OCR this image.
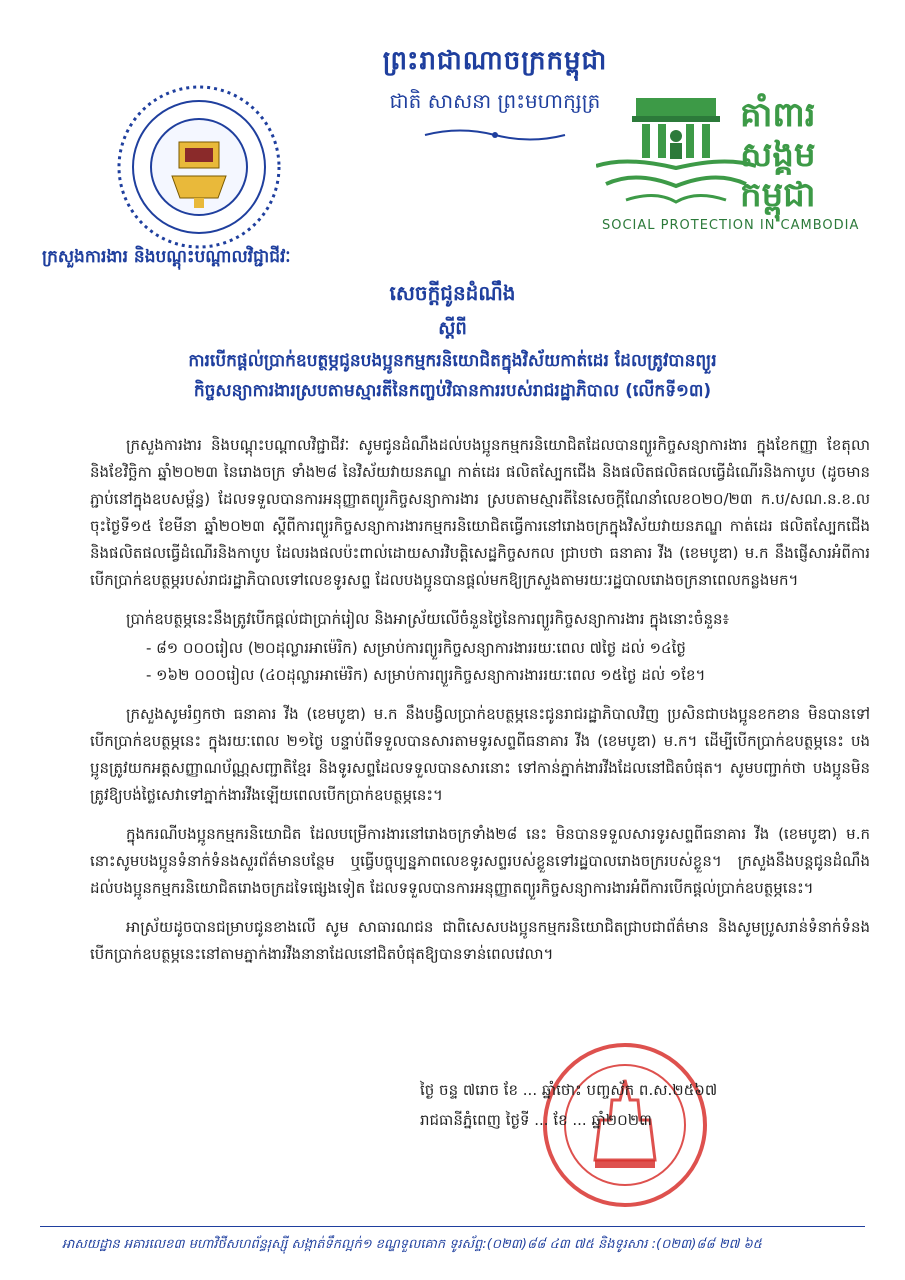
ព្រះរាជាណាចក្រកម្ពុជា
ជាតិ សាសនា ព្រះមហាក្សត្រ	គាំពារ
សង្គម
កម្ពុជា
SOCIAL PROTECTION IN CAMBODIA
ក្រសួងការងារ និងបណ្តុះបណ្តាលវិជ្ជាជីវៈ
សេចក្តីជូនដំណឹង
ស្តីពី
ការបើកផ្តល់ប្រាក់ឧបត្ថម្ភជូនបងប្អូនកម្មករនិយោជិតក្នុងវិស័យកាត់ដេរ ដែលត្រូវបានព្យួរ
កិច្ចសន្យាការងារស្របតាមស្មារតីនៃកញ្ចប់វិធានការរបស់រាជរដ្ឋាភិបាល (លើកទី១៣)

ក្រសួងការងារ និងបណ្តុះបណ្តាលវិជ្ជាជីវៈ សូមជូនដំណឹងដល់បងប្អូនកម្មករនិយោជិតដែលបានព្យួរកិច្ចសន្យាការងារ ក្នុងខែកញ្ញា ខែតុលា និងខែវិច្ឆិកា ឆ្នាំ២០២៣ នៃរោងចក្រ ទាំង២៨ នៃវិស័យវាយនភណ្ឌ កាត់ដេរ ផលិតស្បែកជើង និងផលិតផលិតផលធ្វើដំណើរនិងកាបូប (ដូចមានភ្ជាប់នៅក្នុងឧបសម្ព័ន្ធ) ដែលទទួលបានការអនុញ្ញាតព្យួរកិច្ចសន្យាការងារ ស្របតាមស្មារតីនៃសេចក្តីណែនាំលេខ០២០/២៣ ក.ប/សណ.ន.ខ.ល ចុះថ្ងៃទី១៥ ខែមីនា ឆ្នាំ២០២៣ ស្តីពីការព្យួរកិច្ចសន្យាការងារកម្មករនិយោជិតធ្វើការនៅរោងចក្រក្នុងវិស័យវាយនភណ្ឌ កាត់ដេរ ផលិតស្បែកជើង និងផលិតផលធ្វើដំណើរនិងកាបូប ដែលរងផលប៉ះពាល់ដោយសារវិបត្តិសេដ្ឋកិច្ចសកល ជ្រាបថា ធនាគារ វីង (ខេមបូឌា) ម.ក នឹងផ្ញើសារអំពីការបើកប្រាក់ឧបត្ថម្ភរបស់រាជរដ្ឋាភិបាលទៅលេខទូរសព្ទ ដែលបងប្អូនបានផ្តល់មកឱ្យក្រសួងតាមរយៈរដ្ឋបាលរោងចក្រនាពេលកន្លងមក។

ប្រាក់ឧបត្ថម្ភនេះនឹងត្រូវបើកផ្តល់ជាប្រាក់រៀល និងអាស្រ័យលើចំនួនថ្ងៃនៃការព្យួរកិច្ចសន្យាការងារ ក្នុងនោះចំនួន៖

- ៨១ ០០០រៀល (២០ដុល្លារអាម៉េរិក) សម្រាប់ការព្យួរកិច្ចសន្យាការងាររយៈពេល ៧ថ្ងៃ ដល់ ១៤ថ្ងៃ

- ១៦២ ០០០រៀល (៤០ដុល្លារអាម៉េរិក) សម្រាប់ការព្យួរកិច្ចសន្យាការងាររយៈពេល ១៥ថ្ងៃ ដល់ ១ខែ។

ក្រសួងសូមរំឭកថា ធនាគារ វីង (ខេមបូឌា) ម.ក នឹងបង្វិលប្រាក់ឧបត្ថម្ភនេះជូនរាជរដ្ឋាភិបាលវិញ ប្រសិនជាបងប្អូនខកខាន មិនបានទៅបើកប្រាក់ឧបត្ថម្ភនេះ ក្នុងរយៈពេល ២១ថ្ងៃ បន្ទាប់ពីទទួលបានសារតាមទូរសព្ទពីធនាគារ វីង (ខេមបូឌា) ម.ក។ ដើម្បីបើកប្រាក់ឧបត្ថម្ភនេះ បងប្អូនត្រូវយកអត្តសញ្ញាណប័ណ្ណសញ្ជាតិខ្មែរ និងទូរសព្ទដែលទទួលបានសារនោះ ទៅកាន់ភ្នាក់ងារវីងដែលនៅជិតបំផុត។ សូមបញ្ជាក់ថា បងប្អូនមិនត្រូវឱ្យបង់ថ្លៃសេវាទៅភ្នាក់ងារវីងឡើយពេលបើកប្រាក់ឧបត្ថម្ភនេះ។

ក្នុងករណីបងប្អូនកម្មករនិយោជិត ដែលបម្រើការងារនៅរោងចក្រទាំង២៨ នេះ មិនបានទទួលសារទូរសព្ទពីធនាគារ វីង (ខេមបូឌា) ម.ក នោះសូមបងប្អូនទំនាក់ទំនងសួរព័ត៌មានបន្ថែម ឬធ្វើបច្ចុប្បន្នភាពលេខទូរសព្ទរបស់ខ្លួនទៅរដ្ឋបាលរោងចក្ររបស់ខ្លួន។ ក្រសួងនឹងបន្តជូនដំណឹងដល់បងប្អូនកម្មករនិយោជិតរោងចក្រដទៃផ្សេងទៀត ដែលទទួលបានការអនុញ្ញាតព្យួរកិច្ចសន្យាការងារអំពីការបើកផ្តល់ប្រាក់ឧបត្ថម្ភនេះ។

អាស្រ័យដូចបានជម្រាបជូនខាងលើ សូម សាធារណជន ជាពិសេសបងប្អូនកម្មករនិយោជិតជ្រាបជាព័ត៌មាន និងសូមប្រូសរាន់ទំនាក់ទំនងបើកប្រាក់ឧបត្ថម្ភនេះនៅតាមភ្នាក់ងារវីងនានាដែលនៅជិតបំផុតឱ្យបានទាន់ពេលវេលា។

ថ្ងៃ ចន្ទ ៧រោច ខែ ... ឆ្នាំថោះ បញ្ចស័ក ព.ស.២៥៦៧
រាជធានីភ្នំពេញ ថ្ងៃទី ... ខែ ... ឆ្នាំ២០២៣
អាសយដ្ឋាន អគារលេខ៣ មហាវិថីសហព័ន្ធរុស្ស៊ី សង្កាត់ទឹកល្អក់១ ខណ្ឌទួលគោក ទូរស័ព្ទ:(០២៣)៨៨ ៤៣ ៧៥ និងទូរសារ :(០២៣)៨៨ ២៧ ៦៥
